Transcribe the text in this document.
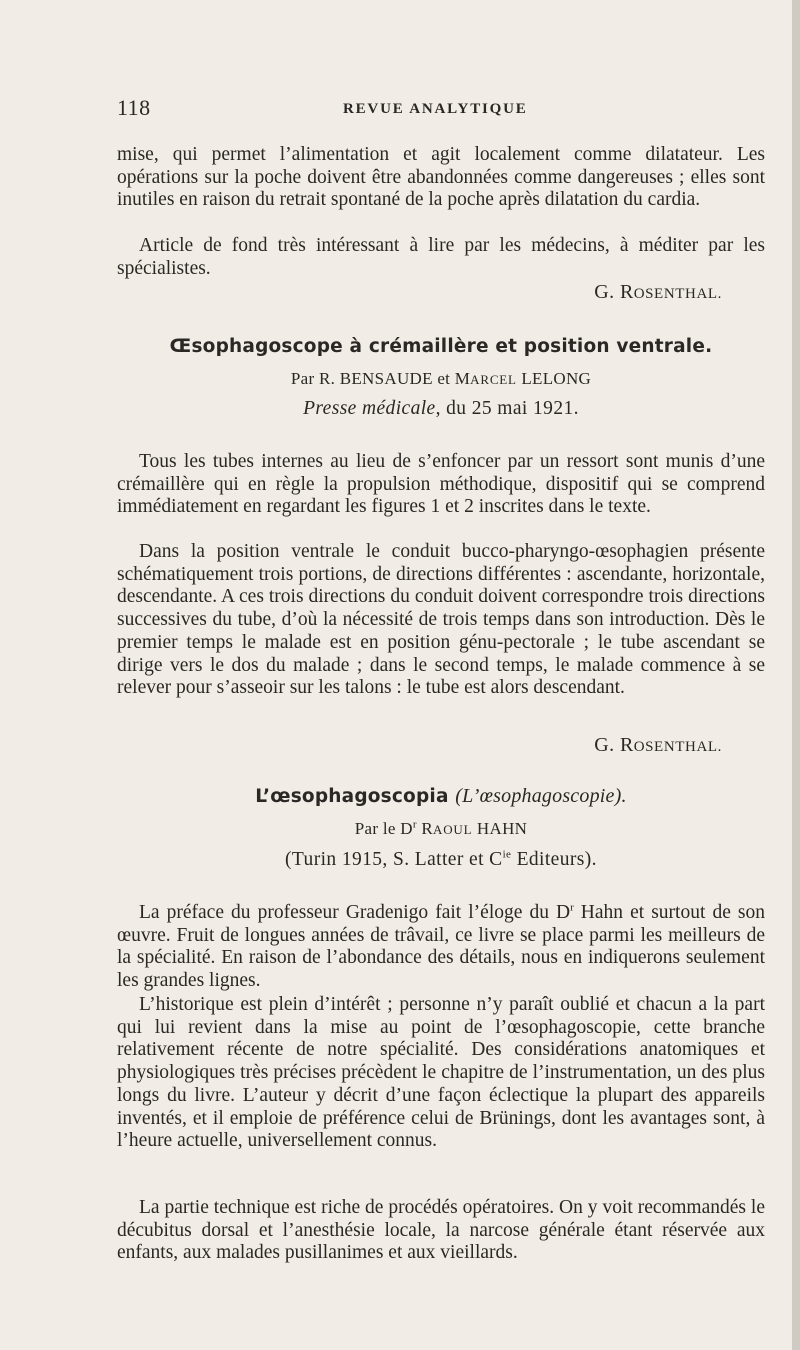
118	REVUE ANALYTIQUE

mise, qui permet l’alimentation et agit localement comme dilatateur. Les opérations sur la poche doivent être abandonnées comme dangereuses ; elles sont inutiles en raison du retrait spontané de la poche après dilatation du cardia.

Article de fond très intéressant à lire par les médecins, à méditer par les spécialistes.

G. ROSENTHAL.
Œsophagoscope à crémaillère et position ventrale.
Par R. BENSAUDE et MARCEL LELONG
Presse médicale, du 25 mai 1921.

Tous les tubes internes au lieu de s’enfoncer par un ressort sont munis d’une crémaillère qui en règle la propulsion méthodique, dispositif qui se comprend immédiatement en regardant les figures 1 et 2 inscrites dans le texte.

Dans la position ventrale le conduit bucco-pharyngo-œsophagien présente schématiquement trois portions, de directions différentes : ascendante, horizontale, descendante. A ces trois directions du conduit doivent correspondre trois directions successives du tube, d’où la nécessité de trois temps dans son introduction. Dès le premier temps le malade est en position génu-pectorale ; le tube ascendant se dirige vers le dos du malade ; dans le second temps, le malade commence à se relever pour s’asseoir sur les talons : le tube est alors descendant.

G. ROSENTHAL.
L’œsophagoscopia (L’œsophagoscopie).
Par le $D^r$ RAOUL HAHN
(Turin 1915, S. Latter et $C^{ie}$ Editeurs).

La préface du professeur Gradenigo fait l’éloge du $D^r$ Hahn et surtout de son œuvre. Fruit de longues années de trâvail, ce livre se place parmi les meilleurs de la spécialité. En raison de l’abondance des détails, nous en indiquerons seulement les grandes lignes.

L’historique est plein d’intérêt ; personne n’y paraît oublié et chacun a la part qui lui revient dans la mise au point de l’œsophagoscopie, cette branche relativement récente de notre spécialité. Des considérations anatomiques et physiologiques très précises précèdent le chapitre de l’instrumentation, un des plus longs du livre. L’auteur y décrit d’une façon éclectique la plupart des appareils inventés, et il emploie de préférence celui de Brünings, dont les avantages sont, à l’heure actuelle, universellement connus.

La partie technique est riche de procédés opératoires. On y voit recommandés le décubitus dorsal et l’anesthésie locale, la narcose générale étant réservée aux enfants, aux malades pusillanimes et aux vieillards.
